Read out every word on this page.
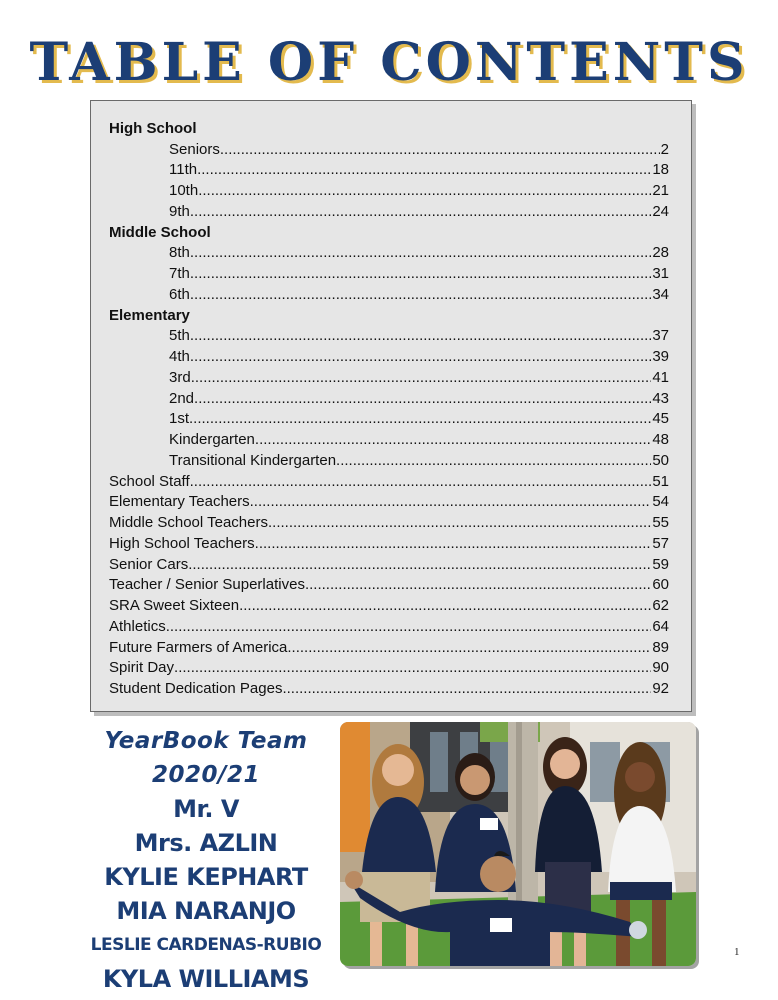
TABLE OF CONTENTS
High School
Seniors .....	2
11th .....	18
10th .....	21
9th .....	24
Middle School
8th .....	28
7th .....	31
6th .....	34
Elementary
5th .....	37
4th .....	39
3rd .....	41
2nd .....	43
1st .....	45
Kindergarten .....	48
Transitional Kindergarten .....	50
School Staff .....	51
Elementary Teachers .....	54
Middle School Teachers .....	55
High School Teachers .....	57
Senior Cars .....	59
Teacher / Senior Superlatives .....	60
SRA Sweet Sixteen .....	62
Athletics .....	64
Future Farmers of America .....	89
Spirit Day .....	90
Student Dedication Pages .....	92
YearBook Team 2020/21
Mr. V
Mrs. AZLIN
KYLIE KEPHART
MIA NARANJO
LESLIE CARDENAS-RUBIO
KYLA WILLIAMS
1
